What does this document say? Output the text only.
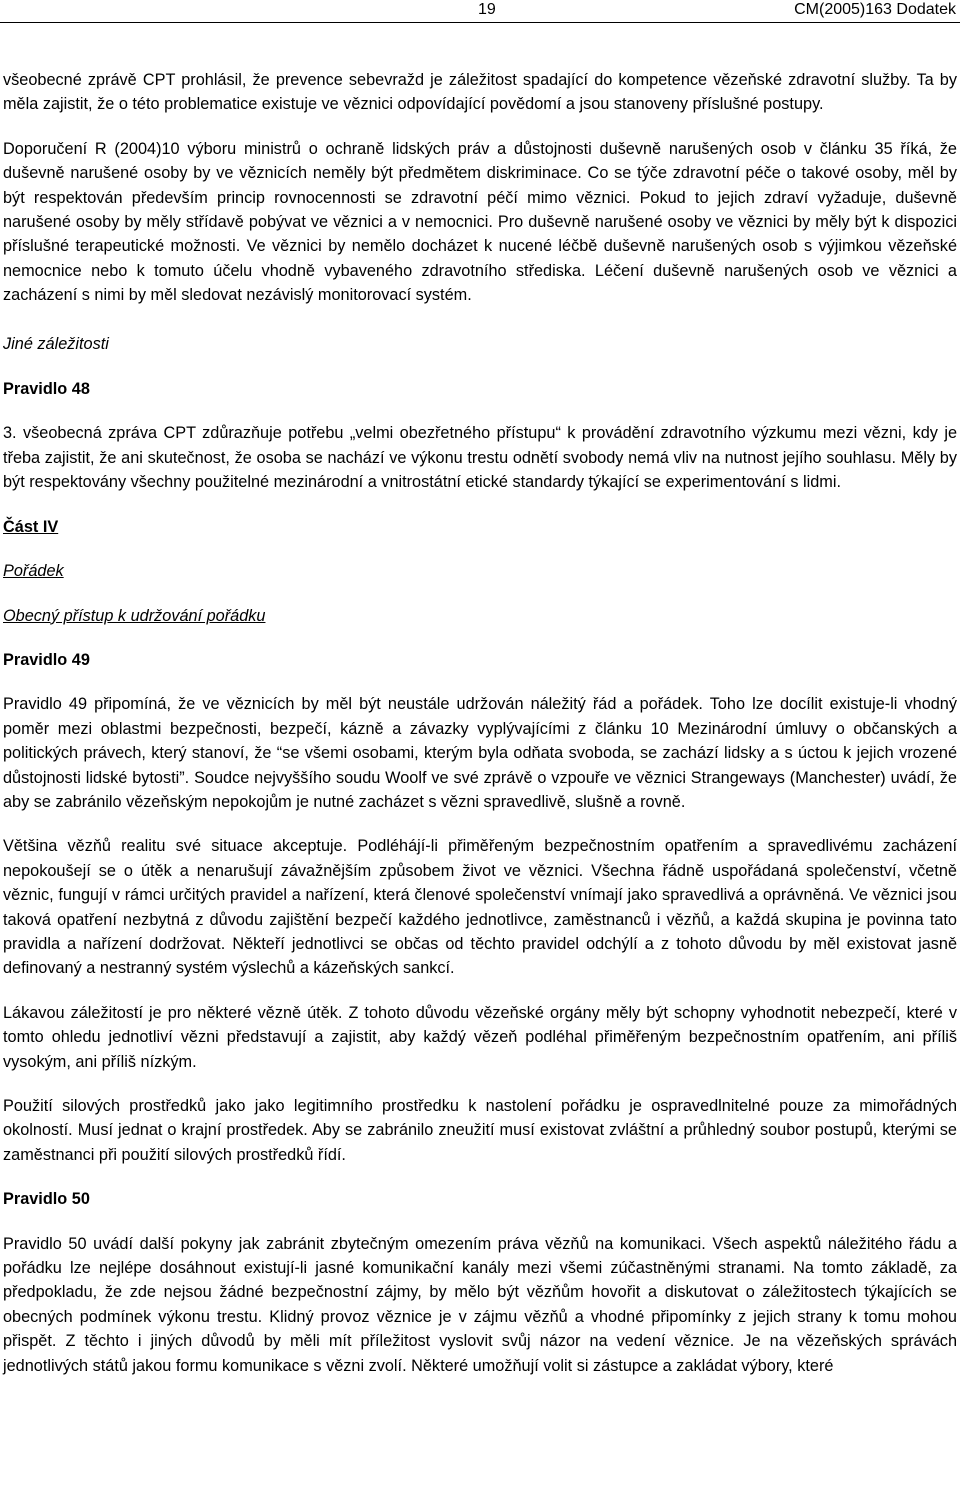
19	CM(2005)163 Dodatek

všeobecné zprávě CPT prohlásil, že prevence sebevražd je záležitost spadající do kompetence vězeňské zdravotní služby. Ta by měla zajistit, že o této problematice existuje ve věznici odpovídající povědomí a jsou stanoveny příslušné postupy.

Doporučení R (2004)10 výboru ministrů o ochraně lidských práv a důstojnosti duševně narušených osob v článku 35 říká, že duševně narušené osoby by ve věznicích neměly být předmětem diskriminace. Co se týče zdravotní péče o takové osoby, měl by být respektován především princip rovnocennosti se zdravotní péčí mimo věznici. Pokud to jejich zdraví vyžaduje, duševně narušené osoby by měly střídavě pobývat ve věznici a v nemocnici. Pro duševně narušené osoby ve věznici by měly být k dispozici příslušné terapeutické možnosti. Ve věznici by nemělo docházet k nucené léčbě duševně narušených osob s výjimkou vězeňské nemocnice nebo k tomuto účelu vhodně vybaveného zdravotního střediska. Léčení duševně narušených osob ve věznici a zacházení s nimi by měl sledovat nezávislý monitorovací systém.

Jiné záležitosti

Pravidlo 48

3. všeobecná zpráva CPT zdůrazňuje potřebu „velmi obezřetného přístupu“ k provádění zdravotního výzkumu mezi vězni, kdy je třeba zajistit, že ani skutečnost, že osoba se nachází ve výkonu trestu odnětí svobody nemá vliv na nutnost jejího souhlasu. Měly by být respektovány všechny použitelné mezinárodní a vnitrostátní etické standardy týkající se experimentování s lidmi.

Část IV

Pořádek

Obecný přístup k udržování pořádku

Pravidlo 49

Pravidlo 49 připomíná, že ve věznicích by měl být neustále udržován náležitý řád a pořádek. Toho lze docílit existuje-li vhodný poměr mezi oblastmi bezpečnosti, bezpečí, kázně a závazky vyplývajícími z článku 10 Mezinárodní úmluvy o občanských a politických právech, který stanoví, že “se všemi osobami, kterým byla odňata svoboda, se zachází lidsky a s úctou k jejich vrozené důstojnosti lidské bytosti”. Soudce nejvyššího soudu Woolf ve své zprávě o vzpouře ve věznici Strangeways (Manchester) uvádí, že aby se zabránilo vězeňským nepokojům je nutné zacházet s vězni spravedlivě, slušně a rovně.

Většina vězňů realitu své situace akceptuje. Podléhájí-li přiměřeným bezpečnostním opatřením a spravedlivému zacházení nepokoušejí se o útěk a nenarušují závažnějším způsobem život ve věznici. Všechna řádně uspořádaná společenství, včetně věznic, fungují v rámci určitých pravidel a nařízení, která členové společenství vnímají jako spravedlivá a oprávněná. Ve věznici jsou taková opatření nezbytná z důvodu zajištění bezpečí každého jednotlivce, zaměstnanců i vězňů, a každá skupina je povinna tato pravidla a nařízení dodržovat. Někteří jednotlivci se občas od těchto pravidel odchýlí a z tohoto důvodu by měl existovat jasně definovaný a nestranný systém výslechů a kázeňských sankcí.

Lákavou záležitostí je pro některé vězně útěk. Z tohoto důvodu vězeňské orgány měly být schopny vyhodnotit nebezpečí, které v tomto ohledu jednotliví vězni představují a zajistit, aby každý vězeň podléhal přiměřeným bezpečnostním opatřením, ani příliš vysokým, ani příliš nízkým.

Použití silových prostředků jako jako legitimního prostředku k nastolení pořádku je ospravedlnitelné pouze za mimořádných okolností. Musí jednat o krajní prostředek. Aby se zabránilo zneužití musí existovat zvláštní a průhledný soubor postupů, kterými se zaměstnanci při použití silových prostředků řídí.

Pravidlo 50

Pravidlo 50 uvádí další pokyny jak zabránit zbytečným omezením práva vězňů na komunikaci. Všech aspektů náležitého řádu a pořádku lze nejlépe dosáhnout existují-li jasné komunikační kanály mezi všemi zúčastněnými stranami. Na tomto základě, za předpokladu, že zde nejsou žádné bezpečnostní zájmy, by mělo být vězňům hovořit a diskutovat o záležitostech týkajících se obecných podmínek výkonu trestu. Klidný provoz věznice je v zájmu vězňů a vhodné připomínky z jejich strany k tomu mohou přispět. Z těchto i jiných důvodů by měli mít příležitost vyslovit svůj názor na vedení věznice. Je na vězeňských správách jednotlivých států jakou formu komunikace s vězni zvolí. Některé umožňují volit si zástupce a zakládat výbory, které
